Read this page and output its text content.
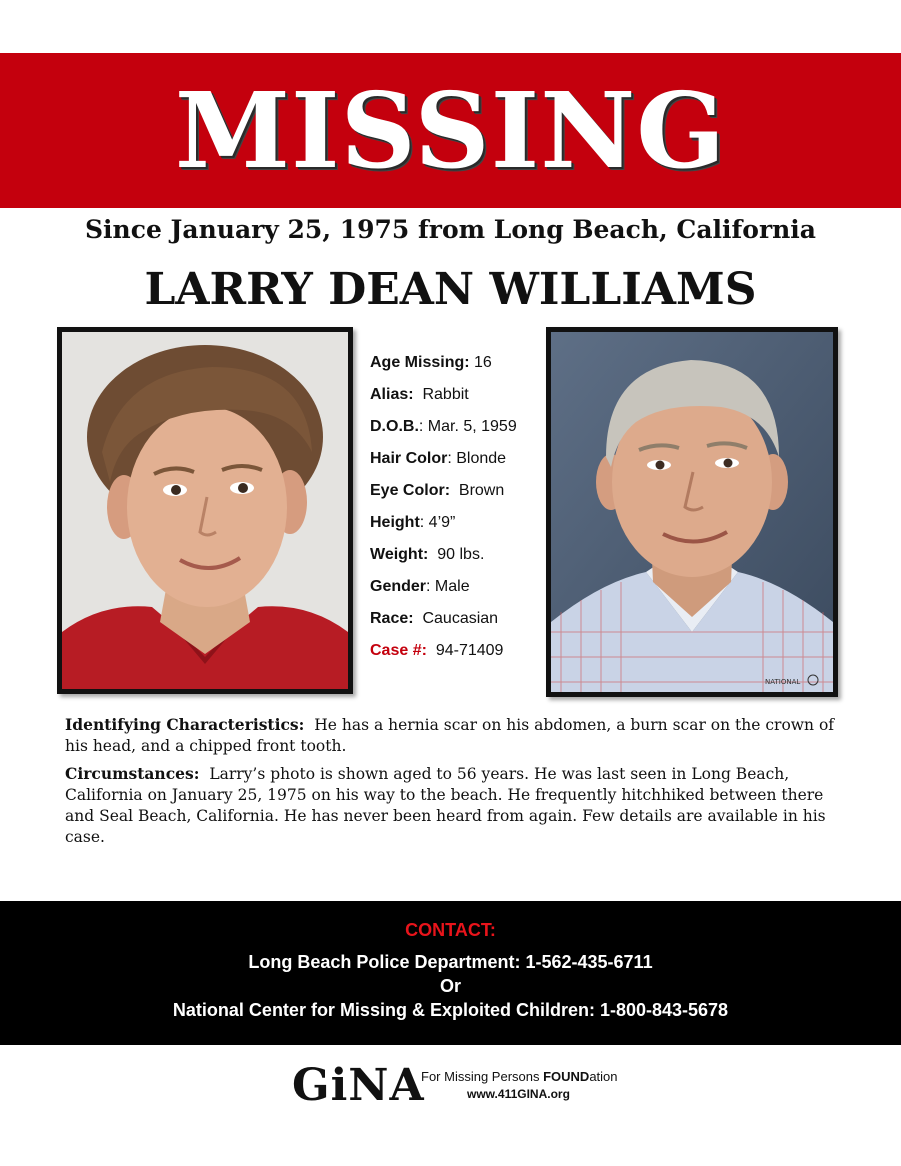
MISSING
Since January 25, 1975 from Long Beach, California
LARRY DEAN WILLIAMS
Age Missing: 16
Alias: Rabbit
D.O.B.: Mar. 5, 1959
Hair Color: Blonde
Eye Color: Brown
Height: 4’9”
Weight: 90 lbs.
Gender: Male
Race: Caucasian
Case #: 94-71409
NATIONAL
Identifying Characteristics: He has a hernia scar on his abdomen, a burn scar on the crown of his head, and a chipped front tooth.
Circumstances: Larry’s photo is shown aged to 56 years. He was last seen in Long Beach, California on January 25, 1975 on his way to the beach. He frequently hitchhiked between there and Seal Beach, California. He has never been heard from again. Few details are available in his case.
CONTACT:
Long Beach Police Department: 1-562-435-6711
Or
National Center for Missing & Exploited Children: 1-800-843-5678
GiNA
For Missing Persons FOUNDation
www.411GINA.org
